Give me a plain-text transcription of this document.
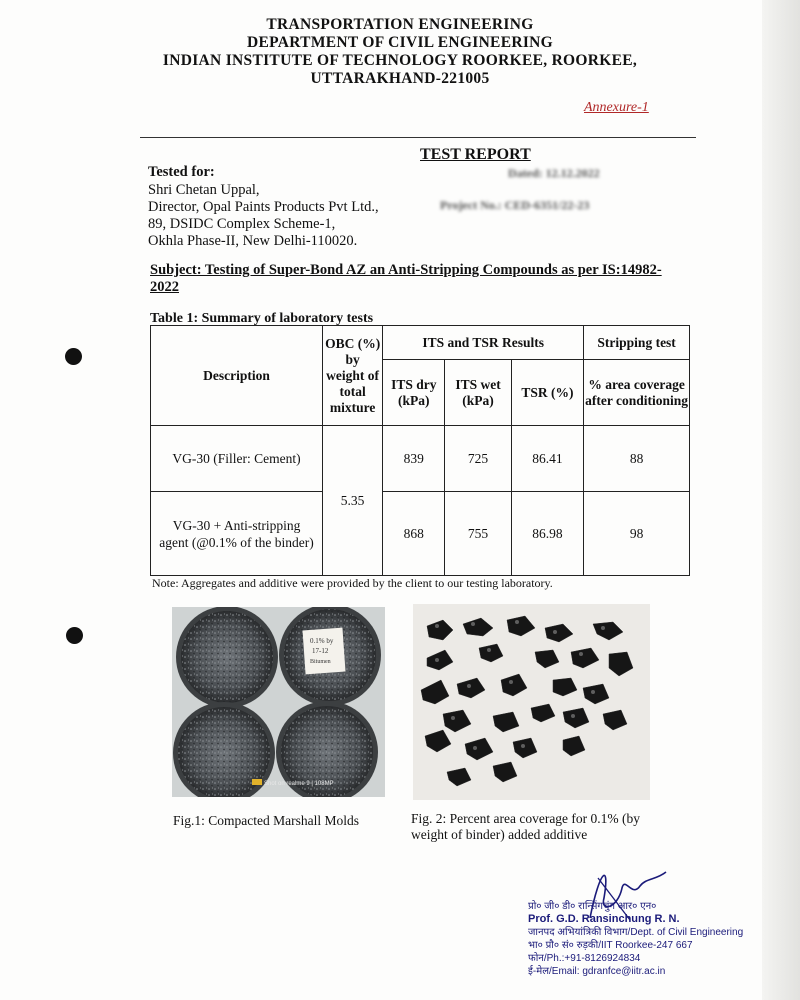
TRANSPORTATION ENGINEERING
DEPARTMENT OF CIVIL ENGINEERING
INDIAN INSTITUTE OF TECHNOLOGY ROORKEE, ROORKEE,
UTTARAKHAND-221005
Annexure-1
TEST REPORT
Tested for:
Shri Chetan Uppal,
Director, Opal Paints Products Pvt Ltd.,
89, DSIDC Complex Scheme-1,
Okhla Phase-II, New Delhi-110020.
Dated: 12.12.2022
Project No.: CED-6351/22-23
Subject: Testing of Super-Bond AZ an Anti-Stripping Compounds as per IS:14982-2022
Table 1: Summary of laboratory tests
Description	OBC (%) by weight of total mixture	ITS and TSR Results			Stripping test
		ITS dry (kPa)	ITS wet (kPa)	TSR (%)	% area coverage after conditioning
VG-30 (Filler: Cement)	5.35	839	725	86.41	88
VG-30 + Anti-stripping agent (@0.1% of the binder)		868	755	86.98	98
Note: Aggregates and additive were provided by the client to our testing laboratory.
0.1% by
17-12
Bitumen
Shot on realme 9 | 108MP
Fig.1: Compacted Marshall Molds	Fig. 2: Percent area coverage for 0.1% (by weight of binder) added additive
प्रो० जी० डी० रान्सिंगचुंग आर० एन०
Prof. G.D. Ransinchung R. N.
जानपद अभियांत्रिकी विभाग/Dept. of Civil Engineering
भा० प्रौ० सं० रुड़की/IIT Roorkee-247 667
फोन/Ph.:+91-8126924834
ई-मेल/Email: gdranfce@iitr.ac.in
